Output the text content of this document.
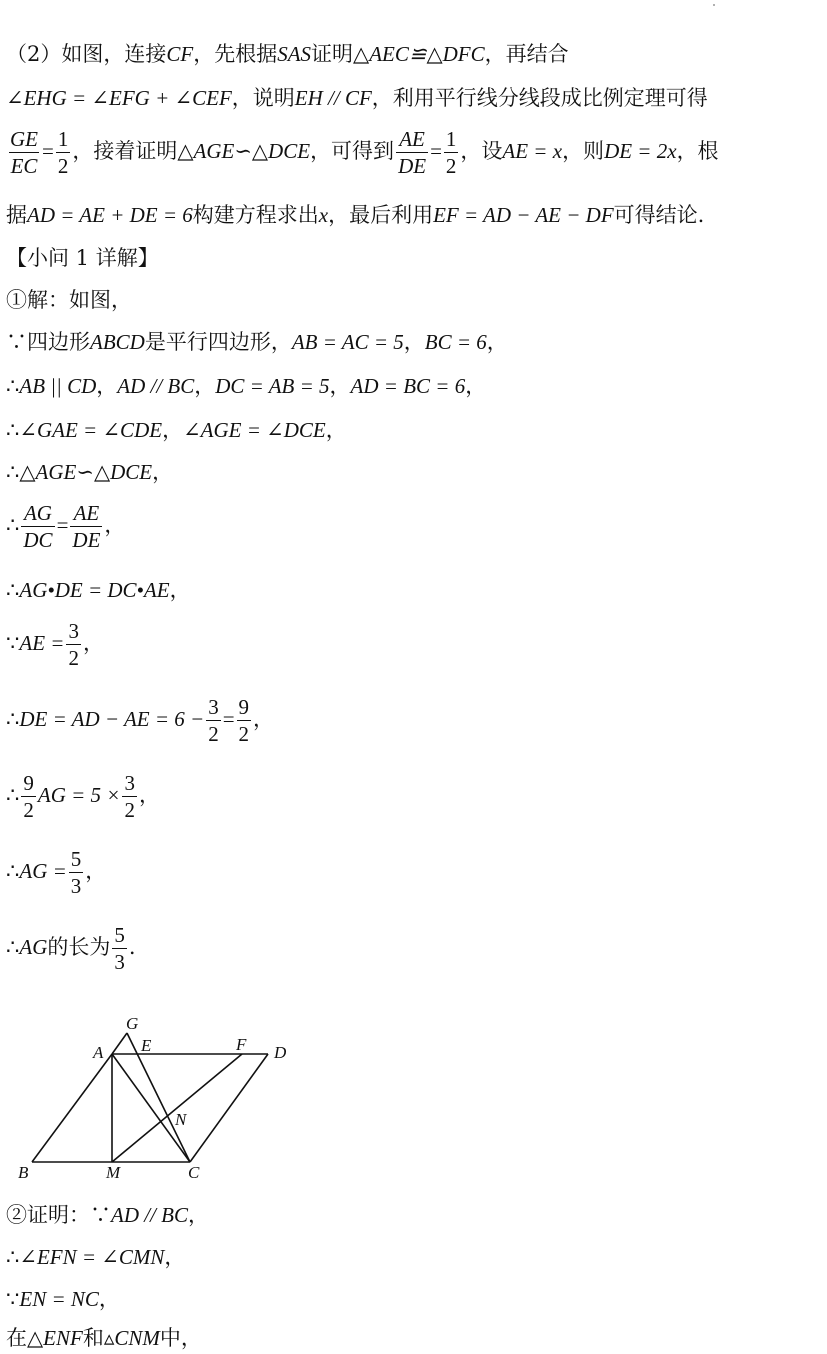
（2）如图，连接CF，先根据SAS证明△AEC≌△DFC，再结合
∠EHG = ∠EFG + ∠CEF，说明EH // CF，利用平行线分线段成比例定理可得
$\frac{GE}{EC} = \frac{1}{2}$ ，接着证明△AGE∽△DCE，可得到 $\frac{AE}{DE} = \frac{1}{2}$ ，设AE = x，则DE = 2x，根
据AD = AE + DE = 6构建方程求出x，最后利用EF = AD − AE − DF可得结论.
【小问 1 详解】
①解：如图，
∵四边形ABCD是平行四边形，AB = AC = 5，BC = 6，
∴AB || CD，AD // BC，DC = AB = 5，AD = BC = 6，
∴∠GAE = ∠CDE，∠AGE = ∠DCE，
∴△AGE∽△DCE，
∴ $\frac{AG}{DC} = \frac{AE}{DE}$ ，
∴AG•DE = DC•AE，
∵AE = $\frac{3}{2}$ ，
∴DE = AD − AE = $6 - \frac{3}{2} = \frac{9}{2}$ ，
∴ $\frac{9}{2}$ AG = $5 \times \frac{3}{2}$ ，
∴AG = $\frac{5}{3}$ ，
∴AG的长为 $\frac{5}{3}$ .
G
A E	F D
N
B	M	C
②证明：∵AD // BC，
∴∠EFN = ∠CMN，
∵EN = NC，
在△ENF和▵CNM中，
